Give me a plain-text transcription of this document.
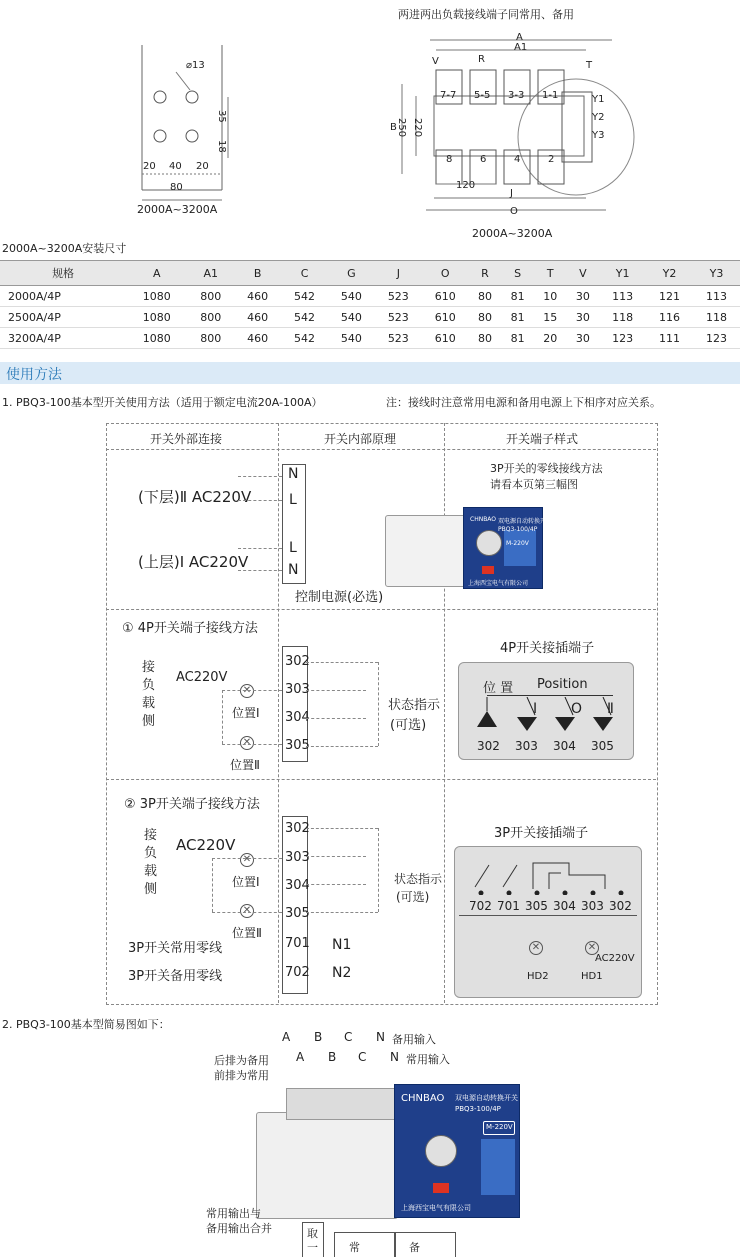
⌀13
35
18
20 40 20
80
2000A~3200A
两进两出负载接线端子同常用、备用
A
A1
V	R
T
Y1
Y2
Y3
B 250 220
120
J
O
7-7 5-5 3-3 1-1
8	6	4	2
2000A~3200A
2000A~3200A安装尺寸
规格	A	A1	B	C	G	J	O	R	S	T	V	Y1	Y2	Y3
2000A/4P	1080	800	460	542	540	523	610	80	81	10	30	113	121	113
2500A/4P	1080	800	460	542	540	523	610	80	81	15	30	118	116	118
3200A/4P	1080	800	460	542	540	523	610	80	81	20	30	123	111	123
使用方法
1. PBQ3-100基本型开关使用方法（适用于额定电流20A-100A）	注：接线时注意常用电源和备用电源上下相序对应关系。
开关外部连接	开关内部原理	开关端子样式
(下层)Ⅱ AC220V
(上层)Ⅰ AC220V
N
L
L
N
控制电源(必选)
3P开关的零线接线方法
请看本页第三幅图
① 4P开关端子接线方法
接
负
载
侧
AC220V
✕
✕
位置Ⅰ
位置Ⅱ
302
303
304
305
状态指示
(可选)
4P开关接插端子
位 置 Position
Ⅰ O Ⅱ
302 303 304 305
② 3P开关端子接线方法
接
负
载
侧
AC220V
✕
✕
位置Ⅰ
位置Ⅱ
302
303
304
305
701
702
状态指示
(可选)
3P开关常用零线
3P开关备用零线
N1
N2
3P开关接插端子
702 701 305 304 303 302
✕	✕
HD2	HD1
AC220V
2. PBQ3-100基本型简易图如下：
A B C N 备用输入
A B C N 常用输入
后排为备用
前排为常用
CHNBAO 双电源自动转换开关
PBQ3-100/4P
M-220V
上海西宝电气有限公司
常用输出与
备用输出合并	取
一	常	备
CHNBAO 双电源自动转换开关
PBQ3-100/4P
M-220V
上海西宝电气有限公司
